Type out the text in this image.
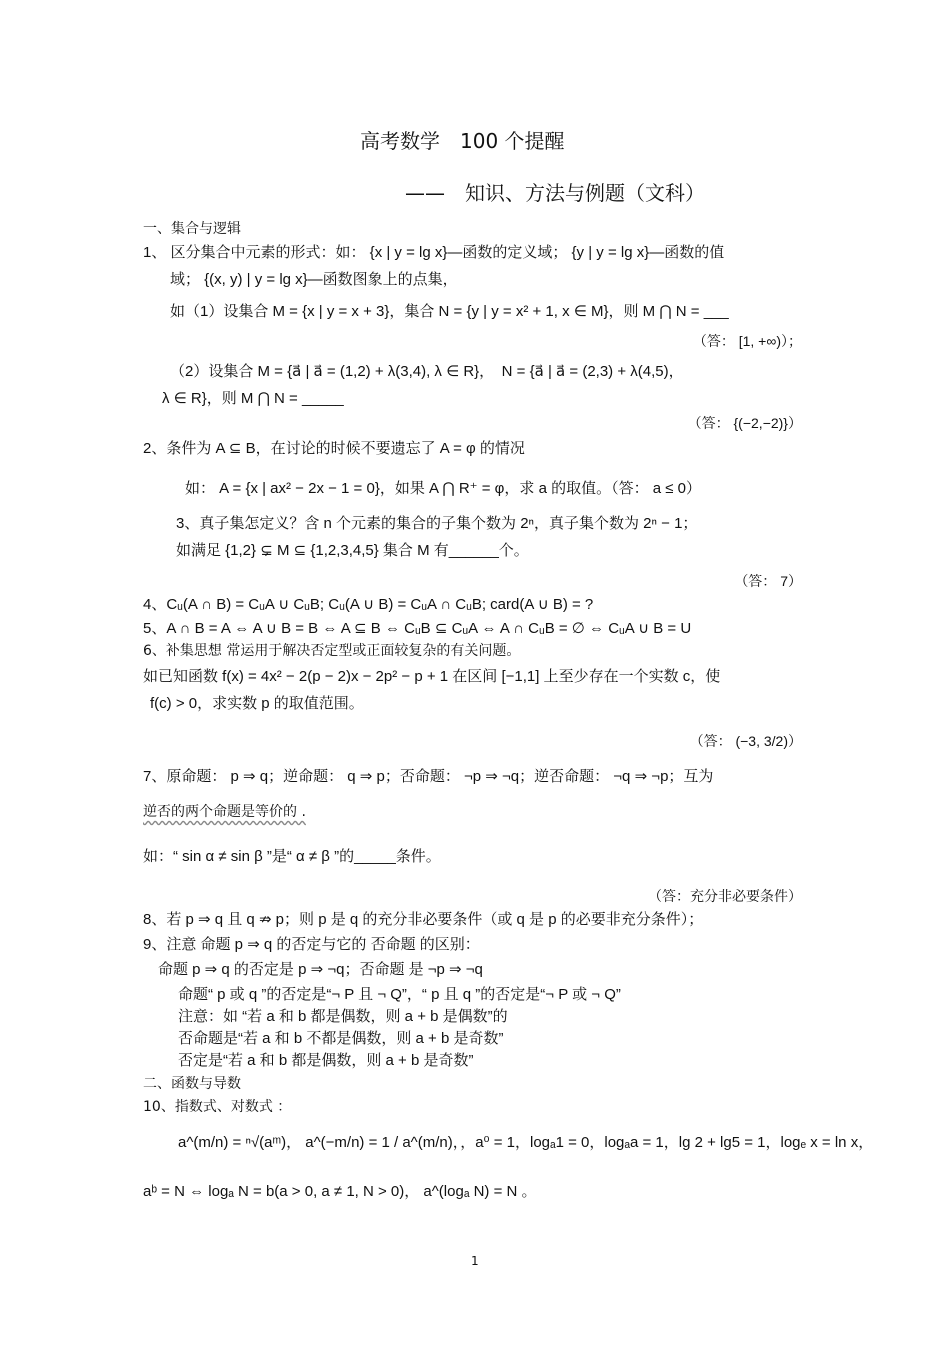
高考数学　100 个提醒
——　知识、方法与例题（文科）
一、集合与逻辑
1、 区分集合中元素的形式：如： {x | y = lg x}—函数的定义域； {y | y = lg x}—函数的值
域； {(x, y) | y = lg x}—函数图象上的点集，
如（1）设集合 M = {x | y = x + 3}，集合 N = {y | y = x² + 1, x ∈ M}，则 M ⋂ N = ___
（答： [1, +∞)）；
（2）设集合 M = {a⃗ | a⃗ = (1,2) + λ(3,4), λ ∈ R}，　N = {a⃗ | a⃗ = (2,3) + λ(4,5)，
λ ∈ R}，则 M ⋂ N = _____
（答： {(−2,−2)}）
2、条件为 A ⊆ B，在讨论的时候不要遗忘了 A = φ 的情况
如： A = {x | ax² − 2x − 1 = 0}，如果 A ⋂ R⁺ = φ，求 a 的取值。（答： a ≤ 0）
3、真子集怎定义？含 n 个元素的集合的子集个数为 2ⁿ，真子集个数为 2ⁿ − 1；
如满足 {1,2} ⊊ M ⊆ {1,2,3,4,5} 集合 M 有______个。
（答： 7）
4、Cᵤ(A ∩ B) = CᵤA ∪ CᵤB; Cᵤ(A ∪ B) = CᵤA ∩ CᵤB; card(A ∪ B) = ?
5、A ∩ B = A ⇔ A ∪ B = B ⇔ A ⊆ B ⇔ CᵤB ⊆ CᵤA ⇔ A ∩ CᵤB = ∅ ⇔ CᵤA ∪ B = U
6、补集思想 常运用于解决否定型或正面较复杂的有关问题。
如已知函数 f(x) = 4x² − 2(p − 2)x − 2p² − p + 1 在区间 [−1,1] 上至少存在一个实数 c，使
f(c) > 0，求实数 p 的取值范围。
（答： (−3, 3/2)）
7、原命题： p ⇒ q；逆命题： q ⇒ p；否命题： ¬p ⇒ ¬q；逆否命题： ¬q ⇒ ¬p；互为
逆否的两个命题是等价的 .
如：“ sin α ≠ sin β ”是“ α ≠ β ”的_____条件。
（答：充分非必要条件）
8、若 p ⇒ q 且 q ⇏ p；则 p 是 q 的充分非必要条件（或 q 是 p 的必要非充分条件）；
9、注意 命题 p ⇒ q 的否定与它的 否命题 的区别：
命题 p ⇒ q 的否定是 p ⇒ ¬q；否命题 是 ¬p ⇒ ¬q
命题“ p 或 q ”的否定是“¬ P 且 ¬ Q”，“ p 且 q ”的否定是“¬ P 或 ¬ Q”
注意：如 “若 a 和 b 都是偶数，则 a + b 是偶数”的
否命题是“若 a 和 b 不都是偶数，则 a + b 是奇数”
否定是“若 a 和 b 都是偶数，则 a + b 是奇数”
二、函数与导数
10、指数式、对数式 ：
a^(m/n) = ⁿ√(aᵐ)， a^(−m/n) = 1 / a^(m/n)，，a⁰ = 1，logₐ1 = 0，logₐa = 1，lg 2 + lg5 = 1，logₑ x = ln x，
aᵇ = N ⇔ logₐ N = b(a > 0, a ≠ 1, N > 0)， a^(logₐ N) = N 。
1
